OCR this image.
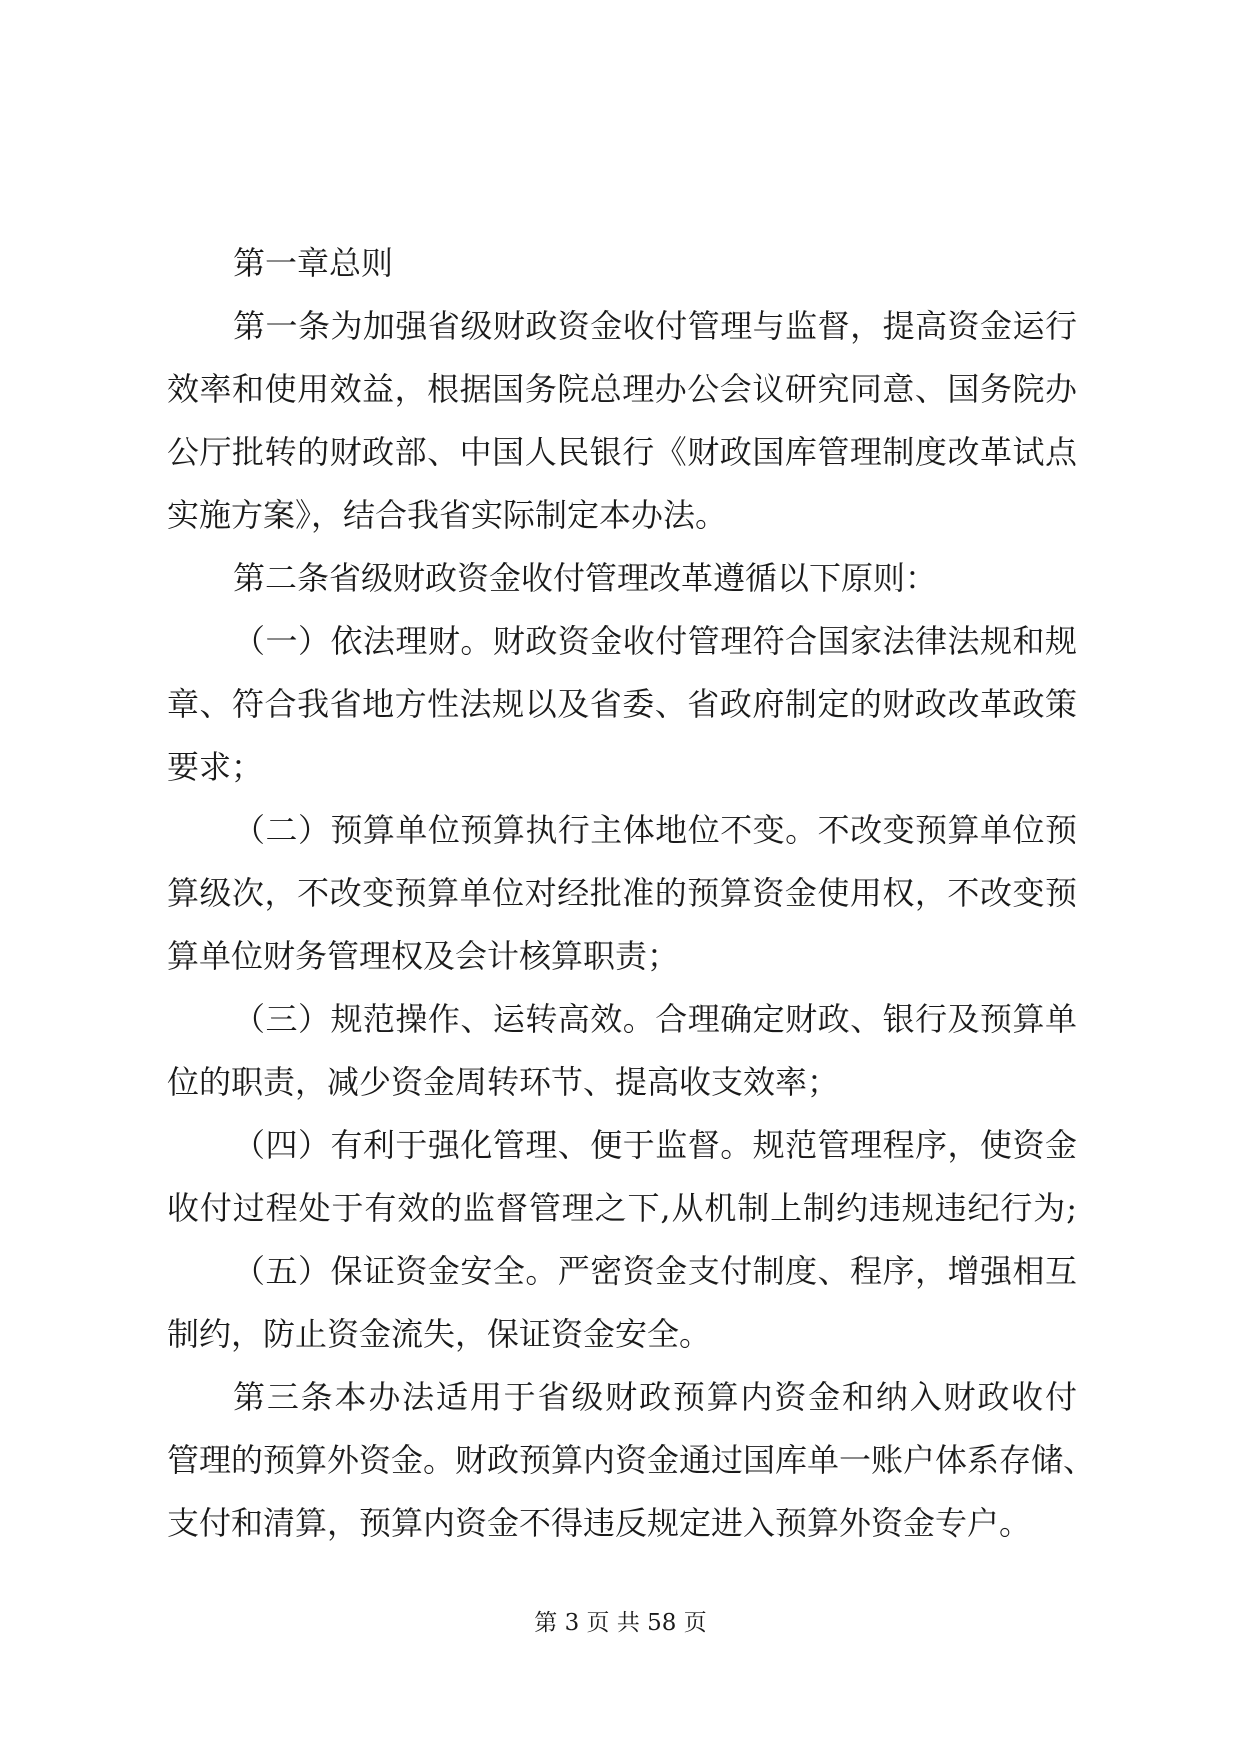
第一章总则
第一条为加强省级财政资金收付管理与监督，提高资金运行
效率和使用效益，根据国务院总理办公会议研究同意、国务院办
公厅批转的财政部、中国人民银行《财政国库管理制度改革试点
实施方案》，结合我省实际制定本办法。
第二条省级财政资金收付管理改革遵循以下原则：
（一）依法理财。财政资金收付管理符合国家法律法规和规
章、符合我省地方性法规以及省委、省政府制定的财政改革政策
要求；
（二）预算单位预算执行主体地位不变。不改变预算单位预
算级次，不改变预算单位对经批准的预算资金使用权，不改变预
算单位财务管理权及会计核算职责；
（三）规范操作、运转高效。合理确定财政、银行及预算单
位的职责，减少资金周转环节、提高收支效率；
（四）有利于强化管理、便于监督。规范管理程序，使资金
收付过程处于有效的监督管理之下,从机制上制约违规违纪行为;
（五）保证资金安全。严密资金支付制度、程序，增强相互
制约，防止资金流失，保证资金安全。
第三条本办法适用于省级财政预算内资金和纳入财政收付
管理的预算外资金。财政预算内资金通过国库单一账户体系存储、
支付和清算，预算内资金不得违反规定进入预算外资金专户。
第 3 页 共 58 页
